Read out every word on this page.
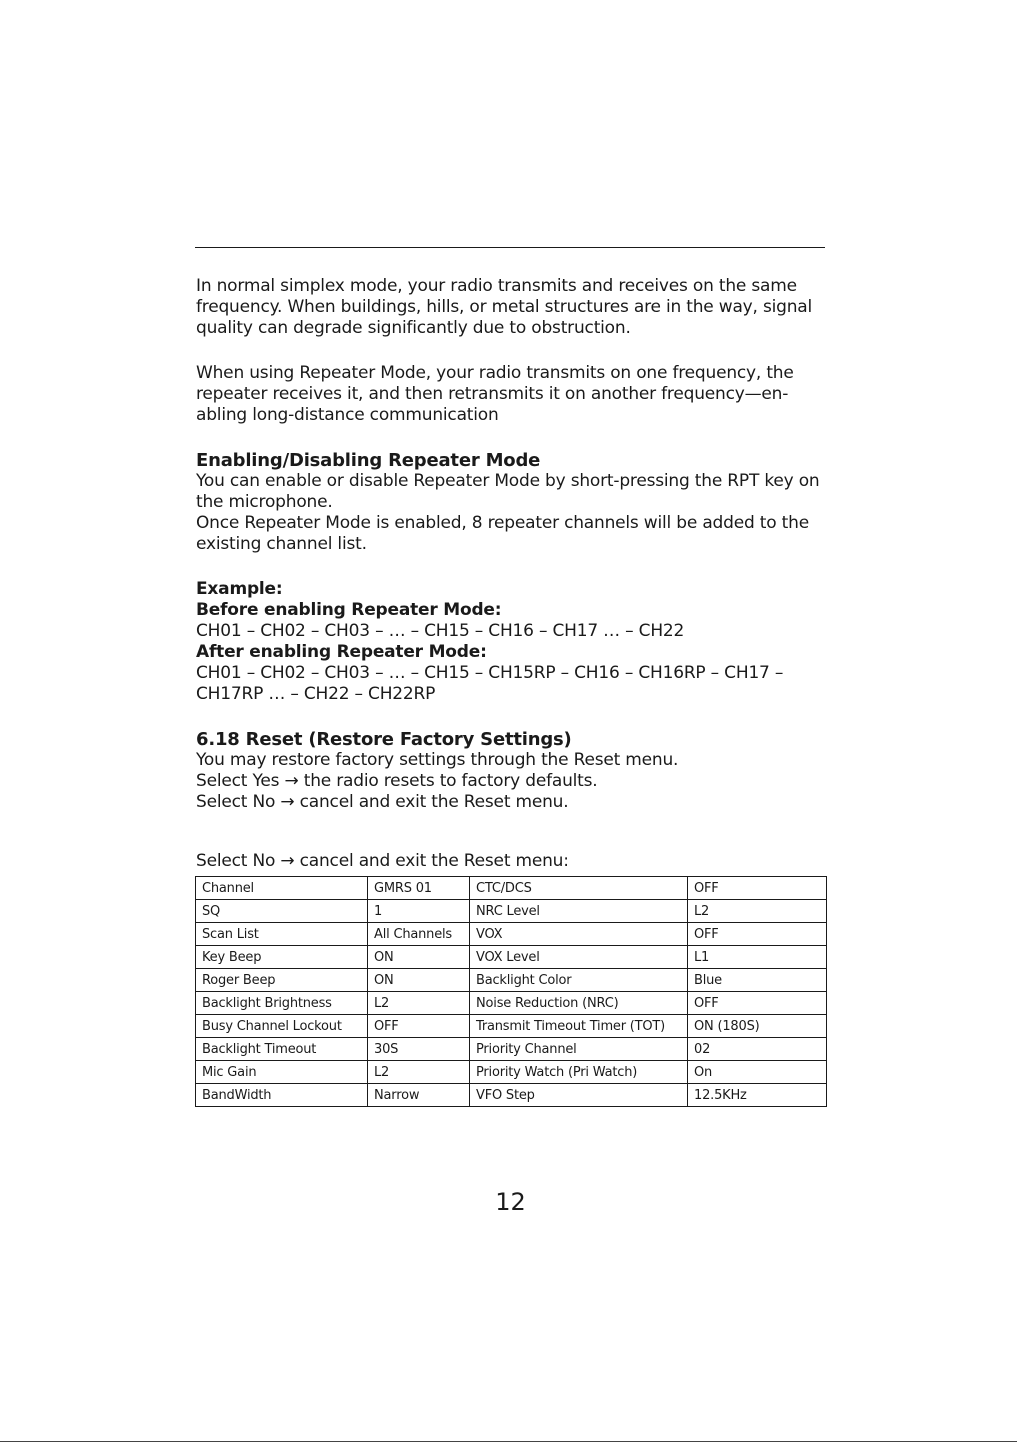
In normal simplex mode, your radio transmits and receives on the same frequency. When buildings, hills, or metal structures are in the way, signal quality can degrade significantly due to obstruction.

When using Repeater Mode, your radio transmits on one frequency, the repeater receives it, and then retransmits it on another frequency—en-abling long-distance communication

Enabling/Disabling Repeater Mode

You can enable or disable Repeater Mode by short-pressing the RPT key on the microphone.

Once Repeater Mode is enabled, 8 repeater channels will be added to the existing channel list.

Example:

Before enabling Repeater Mode:

CH01 – CH02 – CH03 – … – CH15 – CH16 – CH17 … – CH22

After enabling Repeater Mode:

CH01 – CH02 – CH03 – … – CH15 – CH15RP – CH16 – CH16RP – CH17 –

CH17RP … – CH22 – CH22RP

6.18 Reset (Restore Factory Settings)

You may restore factory settings through the Reset menu.

Select Yes → the radio resets to factory defaults.

Select No → cancel and exit the Reset menu.

Select No → cancel and exit the Reset menu:

Channel	GMRS 01	CTC/DCS	OFF
SQ	1	NRC Level	L2
Scan List	All Channels	VOX	OFF
Key Beep	ON	VOX Level	L1
Roger Beep	ON	Backlight Color	Blue
Backlight Brightness	L2	Noise Reduction (NRC)	OFF
Busy Channel Lockout	OFF	Transmit Timeout Timer (TOT)	ON (180S)
Backlight Timeout	30S	Priority Channel	02
Mic Gain	L2	Priority Watch (Pri Watch)	On
BandWidth	Narrow	VFO Step	12.5KHz
12
